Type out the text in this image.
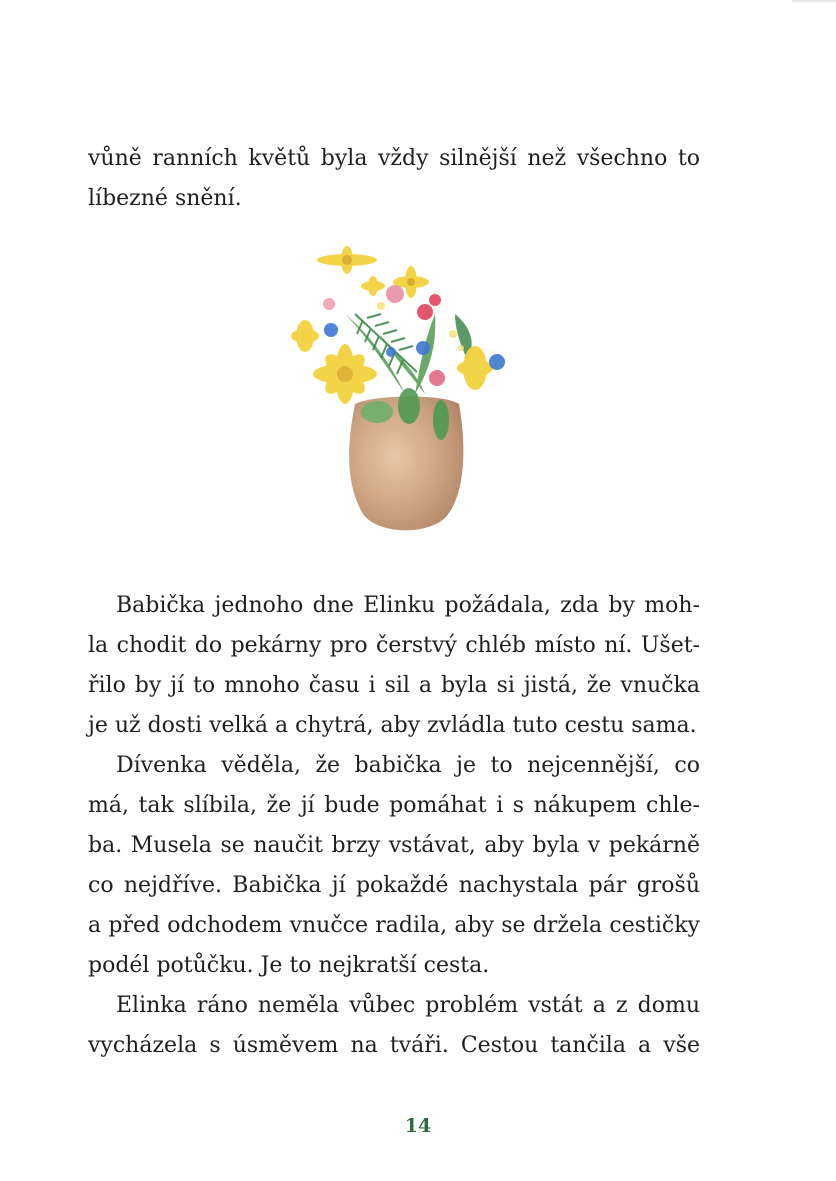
vůně ranních květů byla vždy silnější než všechno to
líbezné snění.
Babička jednoho dne Elinku požádala, zda by moh-
la chodit do pekárny pro čerstvý chléb místo ní. Ušet-
řilo by jí to mnoho času i sil a byla si jistá, že vnučka
je už dosti velká a chytrá, aby zvládla tuto cestu sama.
Dívenka věděla, že babička je to nejcennější, co
má, tak slíbila, že jí bude pomáhat i s nákupem chle-
ba. Musela se naučit brzy vstávat, aby byla v pekárně
co nejdříve. Babička jí pokaždé nachystala pár grošů
a před odchodem vnučce radila, aby se držela cestičky
podél potůčku. Je to nejkratší cesta.
Elinka ráno neměla vůbec problém vstát a z domu
vycházela s úsměvem na tváři. Cestou tančila a vše
14
